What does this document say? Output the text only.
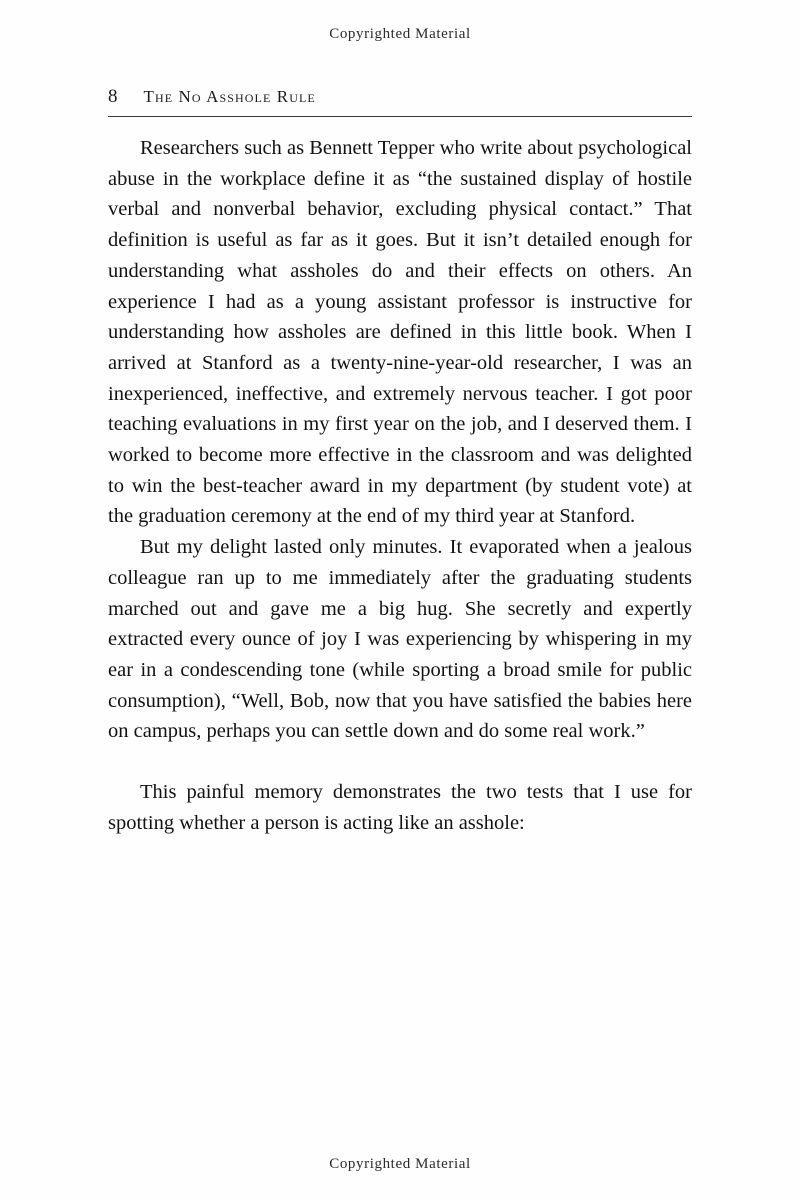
Copyrighted Material
8 The No Asshole Rule

Researchers such as Bennett Tepper who write about psychological abuse in the workplace define it as “the sustained display of hostile verbal and nonverbal behavior, excluding physical contact.” That definition is useful as far as it goes. But it isn’t detailed enough for understanding what assholes do and their effects on others. An experience I had as a young assistant professor is instructive for understanding how assholes are defined in this little book. When I arrived at Stanford as a twenty-nine-year-old researcher, I was an inexperienced, ineffective, and extremely nervous teacher. I got poor teaching evaluations in my first year on the job, and I deserved them. I worked to become more effective in the classroom and was delighted to win the best-teacher award in my department (by student vote) at the graduation ceremony at the end of my third year at Stanford.

But my delight lasted only minutes. It evaporated when a jealous colleague ran up to me immediately after the graduating students marched out and gave me a big hug. She secretly and expertly extracted every ounce of joy I was experiencing by whispering in my ear in a condescending tone (while sporting a broad smile for public consumption), “Well, Bob, now that you have satisfied the babies here on campus, perhaps you can settle down and do some real work.”

This painful memory demonstrates the two tests that I use for spotting whether a person is acting like an asshole:

Copyrighted Material
